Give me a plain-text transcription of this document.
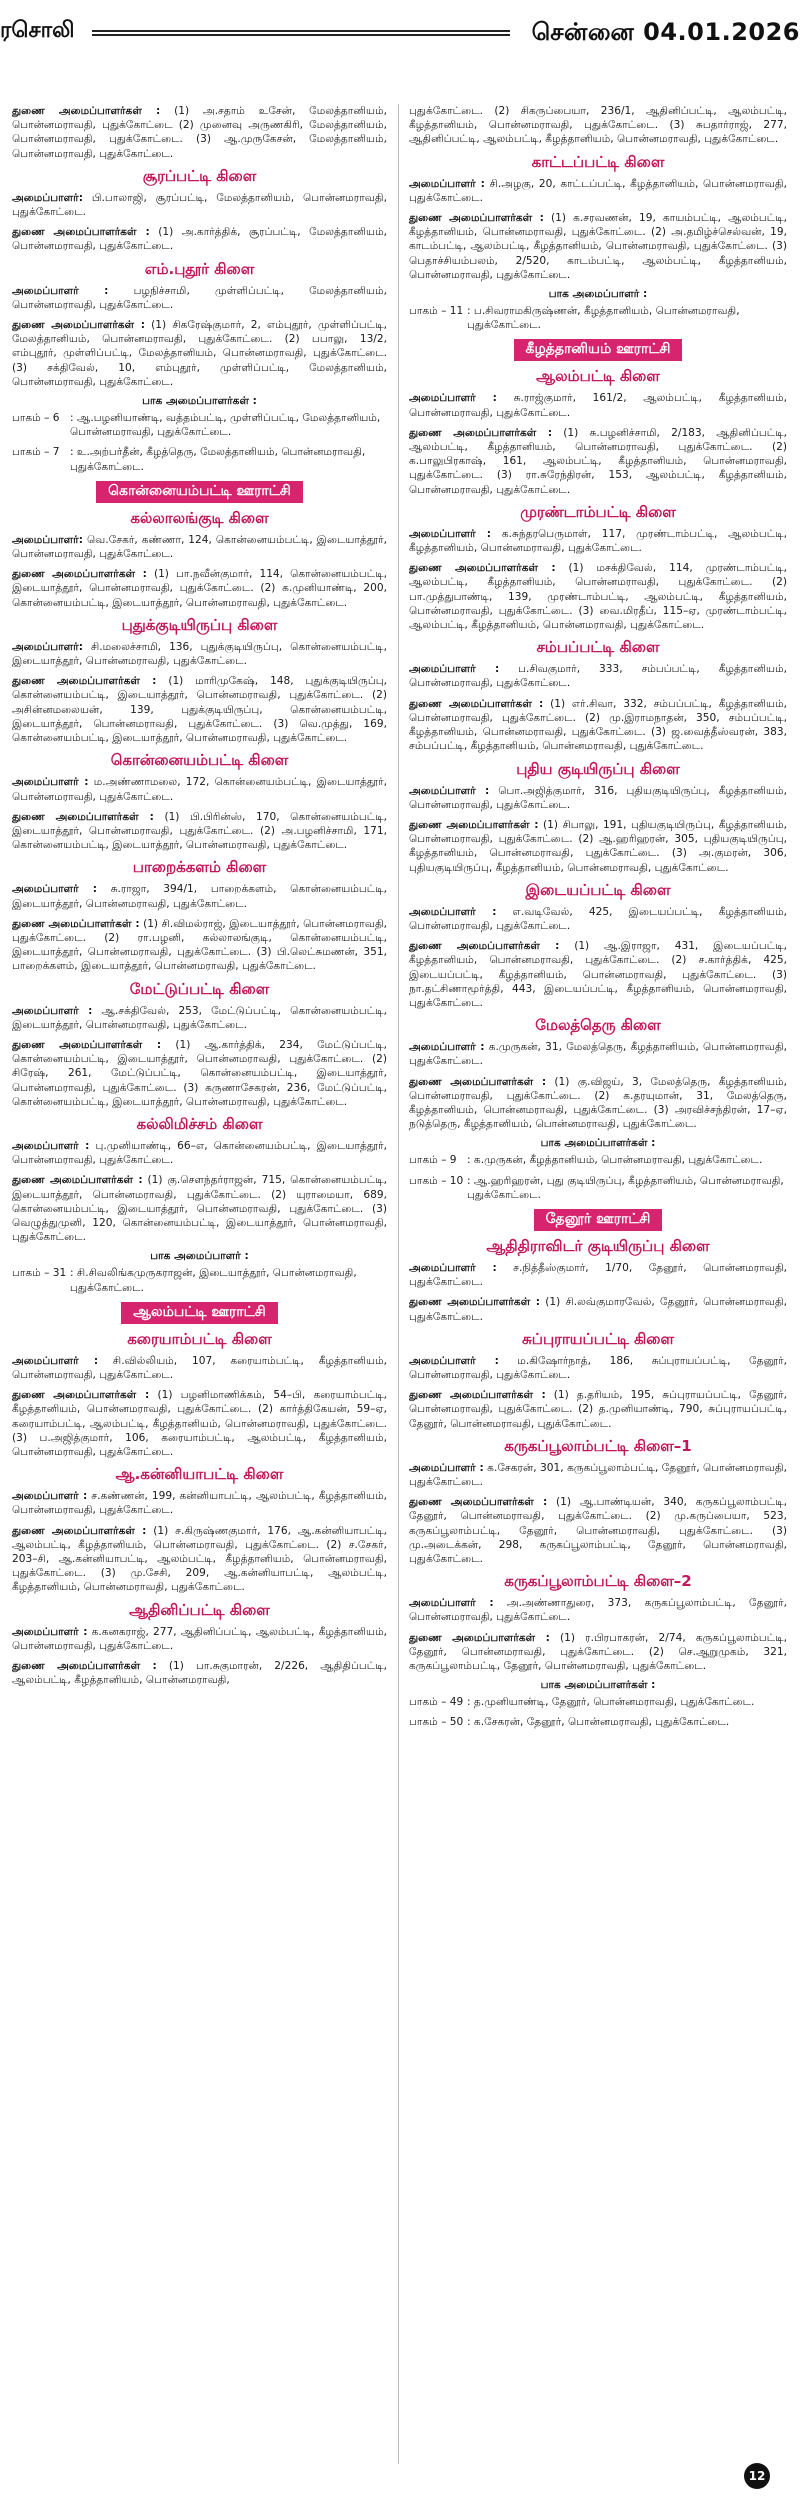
ரசொலி	சென்னை 04.01.2026

துணை அமைப்பாளர்கள் : (1) அ.சதாம் உசேன், மேலத்தானியம், பொன்னமராவதி, புதுக்கோட்டை (2) முனைவு அருணகிரி, மேலத்தானியம், பொன்னமராவதி, புதுக்கோட்டை. (3) ஆ.முருகேசன், மேலத்தானியம், பொன்னமராவதி, புதுக்கோட்டை.

சூரப்பட்டி கிளை

அமைப்பாளர்: பி.பாலாஜி, சூரப்பட்டி, மேலத்தானியம், பொன்னமராவதி, புதுக்கோட்டை.

துணை அமைப்பாளர்கள் : (1) அ.கார்த்திக், சூரப்பட்டி, மேலத்தானியம், பொன்னமராவதி, புதுக்கோட்டை.

எம்.புதூர் கிளை

அமைப்பாளர் : பழநிச்சாமி, முள்ளிப்பட்டி, மேலத்தானியம், பொன்னமராவதி, புதுக்கோட்டை.

துணை அமைப்பாளர்கள் : (1) சிகரேஷ்குமார், 2, எம்புதூர், முள்ளிப்பட்டி, மேலத்தானியம், பொன்னமராவதி, புதுக்கோட்டை. (2) பபாலு, 13/2, எம்புதூர், முள்ளிப்பட்டி, மேலத்தானியம், பொன்னமராவதி, புதுக்கோட்டை. (3) சக்திவேல், 10, எம்புதூர், முள்ளிப்பட்டி, மேலத்தானியம், பொன்னமராவதி, புதுக்கோட்டை.

பாக அமைப்பாளர்கள் :
பாகம் – 6 : ஆ.பழனியாண்டி, வத்தம்பட்டி, முள்ளிப்பட்டி, மேலத்தானியம், பொன்னமராவதி, புதுக்கோட்டை.
பாகம் – 7 : உ.அற்பர்தீன், கீழத்தெரு, மேலத்தானியம், பொன்னமராவதி, புதுக்கோட்டை.
கொன்னையம்பட்டி ஊராட்சி
கல்லாலங்குடி கிளை

அமைப்பாளர்: வெ.சேகர், கண்ணா, 124, கொன்னையம்பட்டி, இடையாத்தூர், பொன்னமராவதி, புதுக்கோட்டை.

துணை அமைப்பாளர்கள் : (1) பா.நவீன்குமார், 114, கொன்னையம்பட்டி, இடையாத்தூர், பொன்னமராவதி, புதுக்கோட்டை. (2) க.முனியாண்டி, 200, கொன்னையம்பட்டி, இடையாத்தூர், பொன்னமராவதி, புதுக்கோட்டை.

புதுக்குடியிருப்பு கிளை

அமைப்பாளர்: சி.மலைச்சாமி, 136, புதுக்குடியிருப்பு, கொன்னையம்பட்டி, இடையாத்தூர், பொன்னமராவதி, புதுக்கோட்டை.

துணை அமைப்பாளர்கள் : (1) மாரிமுகேஷ், 148, புதுக்குடியிருப்பு, கொன்னையம்பட்டி, இடையாத்தூர், பொன்னமராவதி, புதுக்கோட்டை. (2) அசின்னமலையன், 139, புதுக்குடியிருப்பு, கொன்னையம்பட்டி, இடையாத்தூர், பொன்னமராவதி, புதுக்கோட்டை. (3) வெ.முத்து, 169, கொன்னையம்பட்டி, இடையாத்தூர், பொன்னமராவதி, புதுக்கோட்டை.

கொன்னையம்பட்டி கிளை

அமைப்பாளர் : ம.அண்ணாமலை, 172, கொன்னையம்பட்டி, இடையாத்தூர், பொன்னமராவதி, புதுக்கோட்டை.

துணை அமைப்பாளர்கள் : (1) பி.பிரின்ஸ், 170, கொன்னையம்பட்டி, இடையாத்தூர், பொன்னமராவதி, புதுக்கோட்டை. (2) அ.பழனிச்சாமி, 171, கொன்னையம்பட்டி, இடையாத்தூர், பொன்னமராவதி, புதுக்கோட்டை.

பாறைக்களம் கிளை

அமைப்பாளர் : சு.ராஜா, 394/1, பாறைக்களம், கொன்னையம்பட்டி, இடையாத்தூர், பொன்னமராவதி, புதுக்கோட்டை.

துணை அமைப்பாளர்கள் : (1) சி.விமல்ராஜ், இடையாத்தூர், பொன்னமராவதி, புதுக்கோட்டை. (2) ரா.பழனி, கல்லாலங்குடி, கொன்னையம்பட்டி, இடையாத்தூர், பொன்னமராவதி, புதுக்கோட்டை. (3) பி.லெட்சுமணன், 351, பாறைக்களம், இடையாத்தூர், பொன்னமராவதி, புதுக்கோட்டை.

மேட்டுப்பட்டி கிளை

அமைப்பாளர் : ஆ.சக்திவேல், 253, மேட்டுப்பட்டி, கொன்னையம்பட்டி, இடையாத்தூர், பொன்னமராவதி, புதுக்கோட்டை.

துணை அமைப்பாளர்கள் : (1) ஆ.கார்த்திக், 234, மேட்டுப்பட்டி, கொன்னையம்பட்டி, இடையாத்தூர், பொன்னமராவதி, புதுக்கோட்டை. (2) சிரேஷ், 261, மேட்டுப்பட்டி, கொன்னையம்பட்டி, இடையாத்தூர், பொன்னமராவதி, புதுக்கோட்டை. (3) கருணாசேகரன், 236, மேட்டுப்பட்டி, கொன்னையம்பட்டி, இடையாத்தூர், பொன்னமராவதி, புதுக்கோட்டை.

கல்லிமிச்சம் கிளை

அமைப்பாளர் : பு.முனியாண்டி, 66–எ, கொன்னையம்பட்டி, இடையாத்தூர், பொன்னமராவதி, புதுக்கோட்டை.

துணை அமைப்பாளர்கள் : (1) கு.சௌந்தர்ராஜன், 715, கொன்னையம்பட்டி, இடையாத்தூர், பொன்னமராவதி, புதுக்கோட்டை. (2) யுராமையா, 689, கொன்னையம்பட்டி, இடையாத்தூர், பொன்னமராவதி, புதுக்கோட்டை. (3) வெழுத்துமுனி, 120, கொன்னையம்பட்டி, இடையாத்தூர், பொன்னமராவதி, புதுக்கோட்டை.

பாக அமைப்பாளர் :
பாகம் – 31 : சி.சிவலிங்கமுருகராஜன், இடையாத்தூர், பொன்னமராவதி, புதுக்கோட்டை.
ஆலம்பட்டி ஊராட்சி
கரையாம்பட்டி கிளை

அமைப்பாளர் : சி.வில்லியம், 107, கரையாம்பட்டி, கீழத்தானியம், பொன்னமராவதி, புதுக்கோட்டை.

துணை அமைப்பாளர்கள் : (1) பழனிமாணிக்கம், 54–பி, கரையாம்பட்டி, கீழத்தானியம், பொன்னமராவதி, புதுக்கோட்டை. (2) கார்த்திகேயன், 59–ஏ, கரையாம்பட்டி, ஆலம்பட்டி, கீழத்தானியம், பொன்னமராவதி, புதுக்கோட்டை. (3) ப.அஜித்குமார், 106, கரையாம்பட்டி, ஆலம்பட்டி, கீழத்தானியம், பொன்னமராவதி, புதுக்கோட்டை.

ஆ.கன்னியாபட்டி கிளை

அமைப்பாளர் : ச.கண்ணன், 199, கன்னியாபட்டி, ஆலம்பட்டி, கீழத்தானியம், பொன்னமராவதி, புதுக்கோட்டை.

துணை அமைப்பாளர்கள் : (1) ச.கிருஷ்ணகுமார், 176, ஆ.கன்னியாபட்டி, ஆலம்பட்டி, கீழத்தானியம், பொன்னமராவதி, புதுக்கோட்டை. (2) ச.சேகர், 203–சி, ஆ.கன்னியாபட்டி, ஆலம்பட்டி, கீழத்தானியம், பொன்னமராவதி, புதுக்கோட்டை. (3) மு.சேசி, 209, ஆ.கன்னியாபட்டி, ஆலம்பட்டி, கீழத்தானியம், பொன்னமராவதி, புதுக்கோட்டை.

ஆதினிப்பட்டி கிளை

அமைப்பாளர் : க.கனகராஜ், 277, ஆதினிப்பட்டி, ஆலம்பட்டி, கீழத்தானியம், பொன்னமராவதி, புதுக்கோட்டை.

துணை அமைப்பாளர்கள் : (1) பா.சுகுமாரன், 2/226, ஆதிதிப்பட்டி, ஆலம்பட்டி, கீழத்தானியம், பொன்னமராவதி,

புதுக்கோட்டை. (2) சிகருப்பையா, 236/1, ஆதினிப்பட்டி, ஆலம்பட்டி, கீழத்தானியம், பொன்னமராவதி, புதுக்கோட்டை. (3) சுபதார்ராஜ், 277, ஆதினிப்பட்டி, ஆலம்பட்டி, கீழத்தானியம், பொன்னமராவதி, புதுக்கோட்டை.

காட்டப்பட்டி கிளை

அமைப்பாளர் : சி.அழகு, 20, காட்டப்பட்டி, கீழத்தானியம், பொன்னமராவதி, புதுக்கோட்டை.

துணை அமைப்பாளர்கள் : (1) க.சரவணன், 19, காயம்பட்டி, ஆலம்பட்டி, கீழத்தானியம், பொன்னமராவதி, புதுக்கோட்டை. (2) அ.தமிழ்ச்செல்வன், 19, காடம்பட்டி, ஆலம்பட்டி, கீழத்தானியம், பொன்னமராவதி, புதுக்கோட்டை. (3) பெதாச்சியம்பலம், 2/520, காடம்பட்டி, ஆலம்பட்டி, கீழத்தானியம், பொன்னமராவதி, புதுக்கோட்டை.

பாக அமைப்பாளர் :
பாகம் – 11 : ப.சிவராமகிருஷ்ணன், கீழத்தானியம், பொன்னமராவதி, புதுக்கோட்டை.
கீழத்தானியம் ஊராட்சி
ஆலம்பட்டி கிளை

அமைப்பாளர் : சு.ராஜ்குமார், 161/2, ஆலம்பட்டி, கீழத்தானியம், பொன்னமராவதி, புதுக்கோட்டை.

துணை அமைப்பாளர்கள் : (1) சு.பழனிச்சாமி, 2/183, ஆதினிப்பட்டி, ஆலம்பட்டி, கீழத்தானியம், பொன்னமராவதி, புதுக்கோட்டை. (2) க.பாலுபிரகாஷ், 161, ஆலம்பட்டி, கீழத்தானியம், பொன்னமராவதி, புதுக்கோட்டை. (3) ரா.சுரேந்திரன், 153, ஆலம்பட்டி, கீழத்தானியம், பொன்னமராவதி, புதுக்கோட்டை.

முரண்டாம்பட்டி கிளை

அமைப்பாளர் : க.சுந்தரபெருமாள், 117, முரண்டாம்பட்டி, ஆலம்பட்டி, கீழத்தானியம், பொன்னமராவதி, புதுக்கோட்டை.

துணை அமைப்பாளர்கள் : (1) மசக்திவேல், 114, முரண்டாம்பட்டி, ஆலம்பட்டி, கீழத்தானியம், பொன்னமராவதி, புதுக்கோட்டை. (2) பா.முத்துபாண்டி, 139, முரண்டாம்பட்டி, ஆலம்பட்டி, கீழத்தானியம், பொன்னமராவதி, புதுக்கோட்டை. (3) வை.மிரதீப், 115–ஏ, முரண்டாம்பட்டி, ஆலம்பட்டி, கீழத்தானியம், பொன்னமராவதி, புதுக்கோட்டை.

சம்பப்பட்டி கிளை

அமைப்பாளர் : ப.சிவகுமார், 333, சம்பப்பட்டி, கீழத்தானியம், பொன்னமராவதி, புதுக்கோட்டை.

துணை அமைப்பாளர்கள் : (1) எர்.சிவா, 332, சம்பப்பட்டி, கீழத்தானியம், பொன்னமராவதி, புதுக்கோட்டை. (2) மு.இராமநாதன், 350, சம்பப்பட்டி, கீழத்தானியம், பொன்னமராவதி, புதுக்கோட்டை. (3) ஜ.வைத்தீஸ்வரன், 383, சம்பப்பட்டி, கீழத்தானியம், பொன்னமராவதி, புதுக்கோட்டை.

புதிய குடியிருப்பு கிளை

அமைப்பாளர் : பொ.அஜித்குமார், 316, புதியகுடியிருப்பு, கீழத்தானியம், பொன்னமராவதி, புதுக்கோட்டை.

துணை அமைப்பாளர்கள் : (1) சிபாலு, 191, புதியகுடியிருப்பு, கீழத்தானியம், பொன்னமராவதி, புதுக்கோட்டை. (2) ஆ.ஹரிஹரன், 305, புதியகுடியிருப்பு, கீழத்தானியம், பொன்னமராவதி, புதுக்கோட்டை. (3) அ.குமரன், 306, புதியகுடியிருப்பு, கீழத்தானியம், பொன்னமராவதி, புதுக்கோட்டை.

இடையப்பட்டி கிளை

அமைப்பாளர் : எ.வடிவேல், 425, இடையப்பட்டி, கீழத்தானியம், பொன்னமராவதி, புதுக்கோட்டை.

துணை அமைப்பாளர்கள் : (1) ஆ.இராஜா, 431, இடையப்பட்டி, கீழத்தானியம், பொன்னமராவதி, புதுக்கோட்டை. (2) ச.கார்த்திக், 425, இடையப்பட்டி, கீழத்தானியம், பொன்னமராவதி, புதுக்கோட்டை. (3) நா.தட்சிணாமூர்த்தி, 443, இடையப்பட்டி, கீழத்தானியம், பொன்னமராவதி, புதுக்கோட்டை.

மேலத்தெரு கிளை

அமைப்பாளர் : க.முருகன், 31, மேலத்தெரு, கீழத்தானியம், பொன்னமராவதி, புதுக்கோட்டை.

துணை அமைப்பாளர்கள் : (1) கு.விஜய், 3, மேலத்தெரு, கீழத்தானியம், பொன்னமராவதி, புதுக்கோட்டை. (2) க.தரயுமான், 31, மேலத்தெரு, கீழத்தானியம், பொன்னமராவதி, புதுக்கோட்டை. (3) அரவிச்சந்திரன், 17–ஏ, நடுத்தெரு, கீழத்தானியம், பொன்னமராவதி, புதுக்கோட்டை.

பாக அமைப்பாளர்கள் :
பாகம் – 9 : க.முருகன், கீழத்தானியம், பொன்னமராவதி, புதுக்கோட்டை.
பாகம் – 10 : ஆ.ஹரிஹரன், புது குடியிருப்பு, கீழத்தானியம், பொன்னமராவதி, புதுக்கோட்டை.
தேனூர் ஊராட்சி
ஆதிதிராவிடர் குடியிருப்பு கிளை

அமைப்பாளர் : ச.நித்தீஸ்குமார், 1/70, தேனூர், பொன்னமராவதி, புதுக்கோட்டை.

துணை அமைப்பாளர்கள் : (1) சி.லவ்குமாரவேல், தேனூர், பொன்னமராவதி, புதுக்கோட்டை.

சுப்புராயப்பட்டி கிளை

அமைப்பாளர் : ம.கிஷோர்நாத், 186, சுப்புராயப்பட்டி, தேனூர், பொன்னமராவதி, புதுக்கோட்டை.

துணை அமைப்பாளர்கள் : (1) த.தரியம், 195, சுப்புராயப்பட்டி, தேனூர், பொன்னமராவதி, புதுக்கோட்டை. (2) த.முனியாண்டி, 790, சுப்புராயப்பட்டி, தேனூர், பொன்னமராவதி, புதுக்கோட்டை.

கருகப்பூலாம்பட்டி கிளை–1

அமைப்பாளர் : க.சேகரன், 301, கருகப்பூலாம்பட்டி, தேனூர், பொன்னமராவதி, புதுக்கோட்டை.

துணை அமைப்பாளர்கள் : (1) ஆ.பாண்டியன், 340, கருகப்பூலாம்பட்டி, தேனூர், பொன்னமராவதி, புதுக்கோட்டை. (2) மு.கருப்பையா, 523, கருகப்பூலாம்பட்டி, தேனூர், பொன்னமராவதி, புதுக்கோட்டை. (3) மு.அடைக்கன், 298, கருகப்பூலாம்பட்டி, தேனூர், பொன்னமராவதி, புதுக்கோட்டை.

கருகப்பூலாம்பட்டி கிளை–2

அமைப்பாளர் : அ.அண்ணாதுரை, 373, கருகப்பூலாம்பட்டி, தேனூர், பொன்னமராவதி, புதுக்கோட்டை.

துணை அமைப்பாளர்கள் : (1) ர.பிரபாகரன், 2/74, கருகப்பூலாம்பட்டி, தேனூர், பொன்னமராவதி, புதுக்கோட்டை. (2) செ.ஆறுமுகம், 321, கருகப்பூலாம்பட்டி, தேனூர், பொன்னமராவதி, புதுக்கோட்டை.

பாக அமைப்பாளர்கள் :
பாகம் – 49 : த.முனியாண்டி, தேனூர், பொன்னமராவதி, புதுக்கோட்டை.
பாகம் – 50 : க.சேகரன், தேனூர், பொன்னமராவதி, புதுக்கோட்டை.
12
